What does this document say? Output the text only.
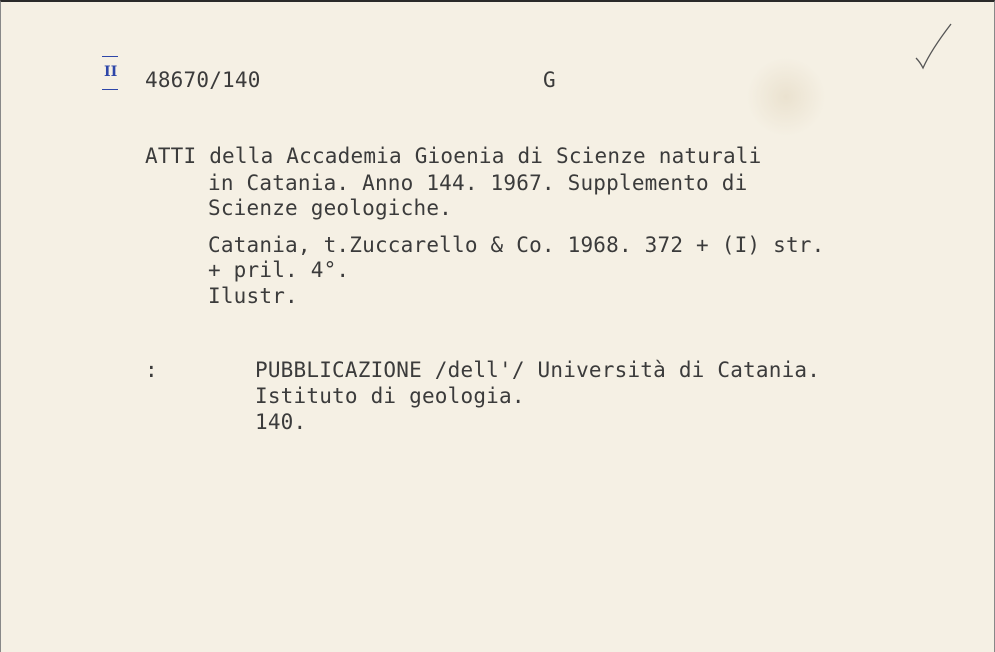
II 48670/140	G
ATTI della Accademia Gioenia di Scienze naturali
in Catania. Anno 144. 1967. Supplemento di
Scienze geologiche.
Catania, t.Zuccarello & Co. 1968. 372 + (I) str.
+ pril. 4°.
Ilustr.
:	PUBBLICAZIONE /dell'/ Università di Catania.
Istituto di geologia.
140.
